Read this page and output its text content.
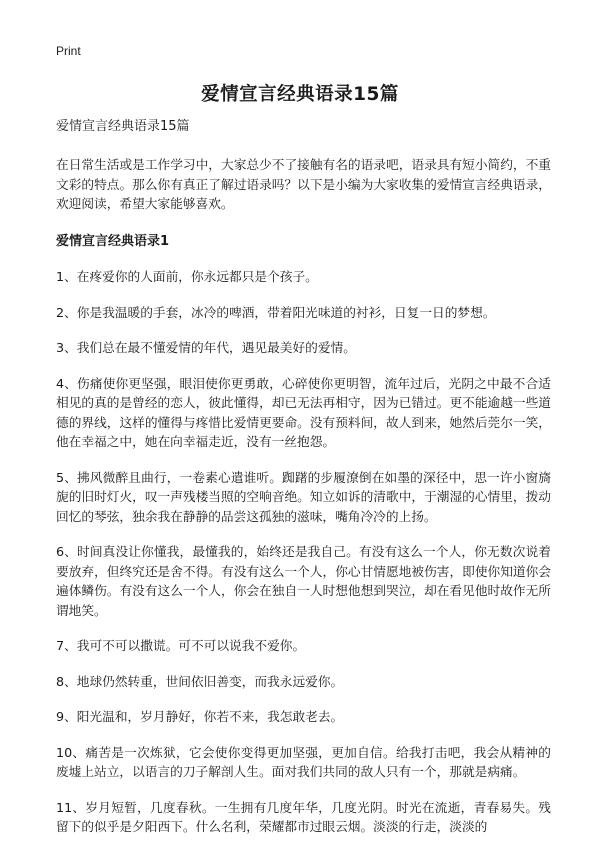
Print
爱情宣言经典语录15篇
爱情宣言经典语录15篇

在日常生活或是工作学习中，大家总少不了接触有名的语录吧，语录具有短小简约，不重文彩的特点。那么你有真正了解过语录吗？以下是小编为大家收集的爱情宣言经典语录，欢迎阅读，希望大家能够喜欢。

爱情宣言经典语录1

1、在疼爱你的人面前，你永远都只是个孩子。

2、你是我温暖的手套，冰冷的啤酒，带着阳光味道的衬衫，日复一日的梦想。

3、我们总在最不懂爱情的年代，遇见最美好的爱情。

4、伤痛使你更坚强，眼泪使你更勇敢，心碎使你更明智，流年过后，光阴之中最不合适相见的真的是曾经的恋人，彼此懂得，却已无法再相守，因为已错过。更不能逾越一些道德的界线，这样的懂得与疼惜比爱情更要命。没有预料间，故人到来，她然后莞尔一笑，他在幸福之中，她在向幸福走近，没有一丝抱怨。

5、拂风微醉且曲行，一卷素心遣谁听。踟躇的步履潦倒在如墨的深径中，思一许小窗旖旎的旧时灯火，叹一声残楼当照的空响音绝。知立如诉的清歌中，于潮湿的心情里，拨动回忆的琴弦，独余我在静静的品尝这孤独的滋味，嘴角冷冷的上扬。

6、时间真没让你懂我，最懂我的，始终还是我自己。有没有这么一个人，你无数次说着要放弃，但终究还是舍不得。有没有这么一个人，你心甘情愿地被伤害，即使你知道你会遍体鳞伤。有没有这么一个人，你会在独自一人时想他想到哭泣，却在看见他时故作无所谓地笑。

7、我可不可以撒谎。可不可以说我不爱你。

8、地球仍然转重，世间依旧善变，而我永远爱你。

9、阳光温和，岁月静好，你若不来，我怎敢老去。

10、痛苦是一次炼狱，它会使你变得更加坚强，更加自信。给我打击吧，我会从精神的废墟上站立，以语言的刀子解剖人生。面对我们共同的敌人只有一个，那就是病痛。

11、岁月短暂，几度春秋。一生拥有几度年华，几度光阴。时光在流逝，青春易失。残留下的似乎是夕阳西下。什么名利，荣耀都市过眼云烟。淡淡的行走，淡淡的
